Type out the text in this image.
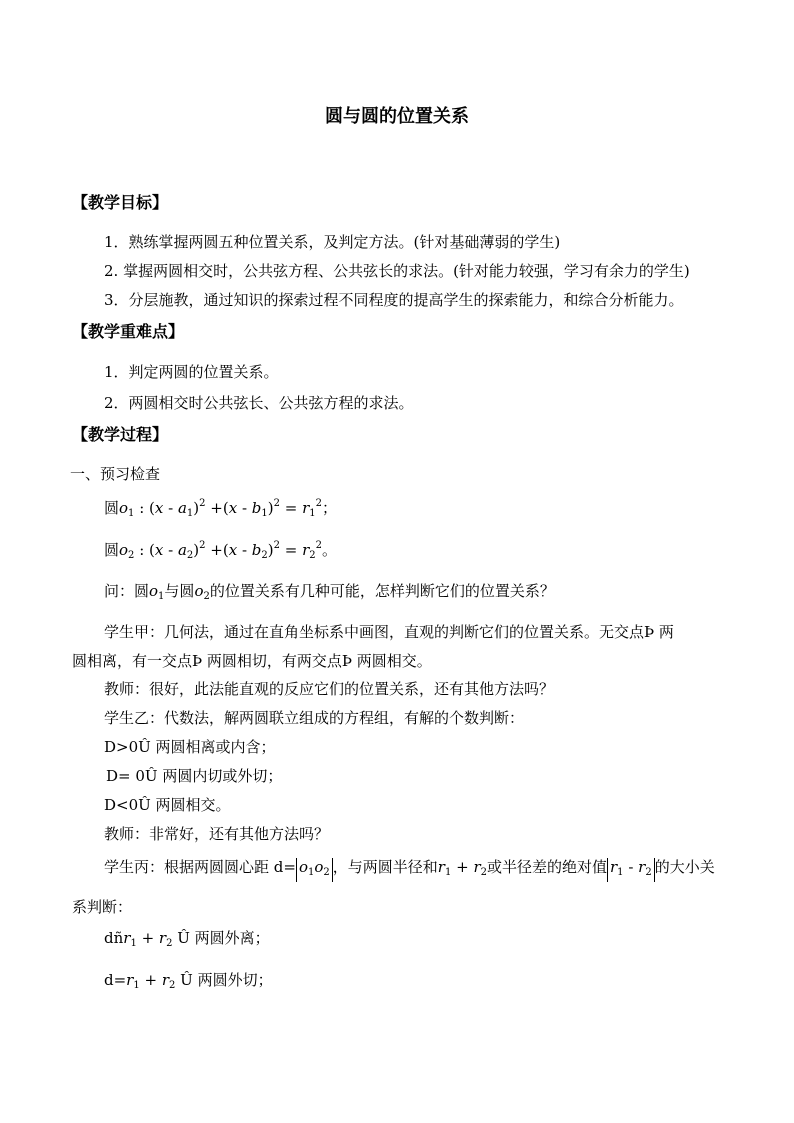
圆与圆的位置关系
【教学目标】
1．熟练掌握两圆五种位置关系，及判定方法。(针对基础薄弱的学生)
2. 掌握两圆相交时，公共弦方程、公共弦长的求法。(针对能力较强，学习有余力的学生)
3．分层施教，通过知识的探索过程不同程度的提高学生的探索能力，和综合分析能力。
【教学重难点】
1．判定两圆的位置关系。
2．两圆相交时公共弦长、公共弦方程的求法。
【教学过程】
一、预习检查
圆$o_1$ : $(x - a_1)^2 +(x - b_1)^2 = r_1^2$；
圆$o_2$ : $(x - a_2)^2 +(x - b_2)^2 = r_2^2$。
问：圆$o_1$与圆$o_2$的位置关系有几种可能，怎样判断它们的位置关系？
学生甲：几何法，通过在直角坐标系中画图，直观的判断它们的位置关系。无交点Þ 两
圆相离，有一交点Þ 两圆相切，有两交点Þ 两圆相交。
教师：很好，此法能直观的反应它们的位置关系，还有其他方法吗？
学生乙：代数法，解两圆联立组成的方程组，有解的个数判断：
D>0Û 两圆相离或内含；
D= 0Û 两圆内切或外切；
D<0Û 两圆相交。
教师：非常好，还有其他方法吗？
学生丙：根据两圆圆心距 $d= o_1o_2$ ，与两圆半径和$r_1 + r_2$或半径差的绝对值 $r_1 - r_2$ 的大小关
系判断：
dñr$_1$ + $r_2$ Û 两圆外离；
$d=r_1 + r_2$ Û 两圆外切；
